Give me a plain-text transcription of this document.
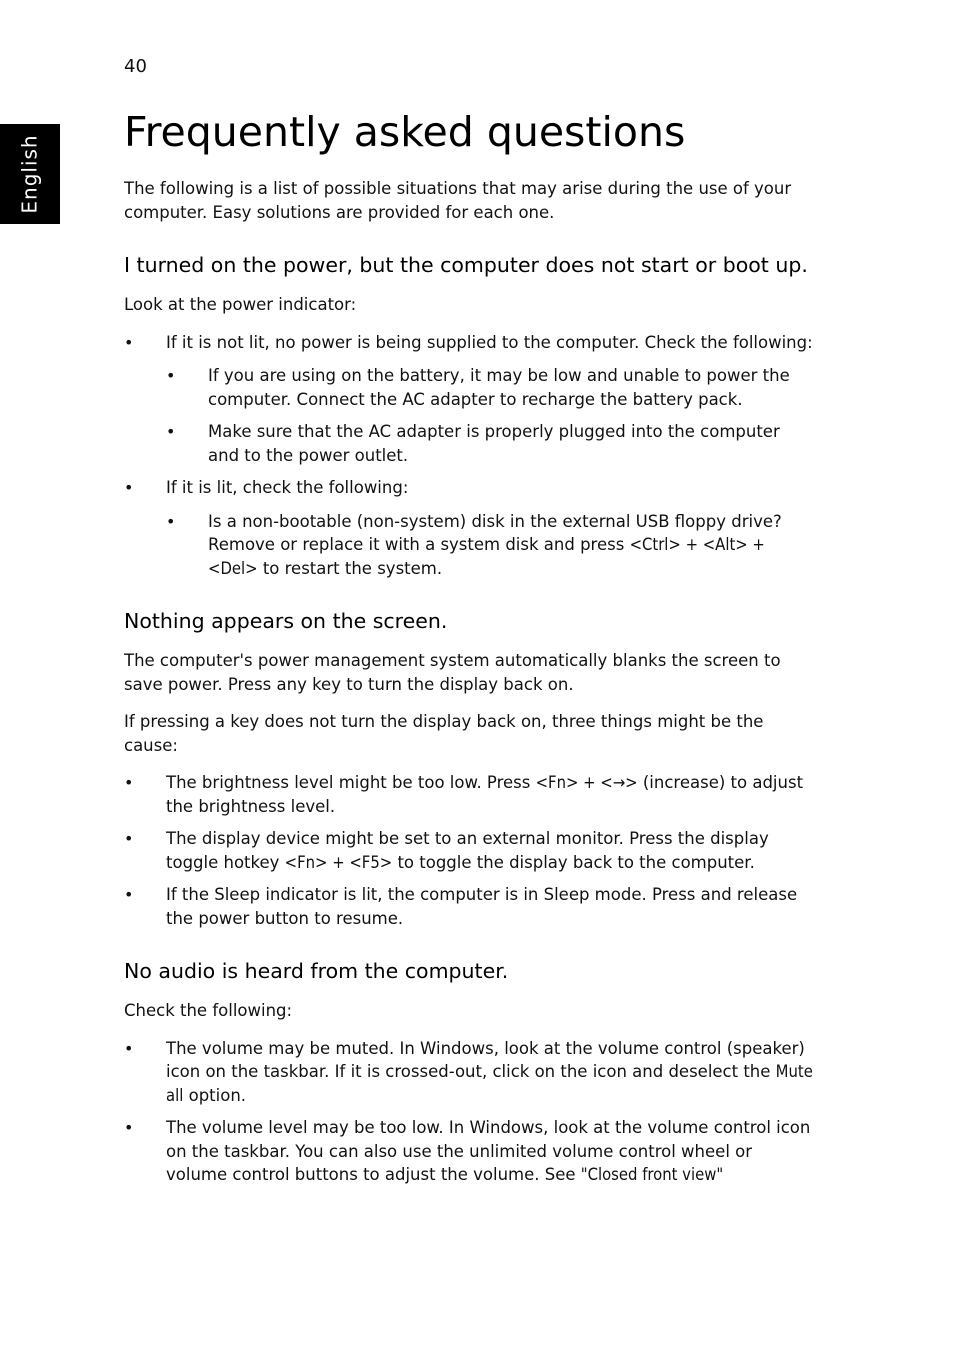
40
English
Frequently asked questions

The following is a list of possible situations that may arise during the use of your computer. Easy solutions are provided for each one.

I turned on the power, but the computer does not start or boot up.

Look at the power indicator:

• If it is not lit, no power is being supplied to the computer. Check the following:
• If you are using on the battery, it may be low and unable to power the computer. Connect the AC adapter to recharge the battery pack.
• Make sure that the AC adapter is properly plugged into the computer and to the power outlet.
• If it is lit, check the following:
• Is a non-bootable (non-system) disk in the external USB floppy drive? Remove or replace it with a system disk and press <Ctrl> + <Alt> + <Del> to restart the system.
Nothing appears on the screen.

The computer's power management system automatically blanks the screen to save power. Press any key to turn the display back on.

If pressing a key does not turn the display back on, three things might be the cause:

• The brightness level might be too low. Press <Fn> + <→> (increase) to adjust the brightness level.
• The display device might be set to an external monitor. Press the display toggle hotkey <Fn> + <F5> to toggle the display back to the computer.
• If the Sleep indicator is lit, the computer is in Sleep mode. Press and release the power button to resume.
No audio is heard from the computer.

Check the following:

• The volume may be muted. In Windows, look at the volume control (speaker) icon on the taskbar. If it is crossed-out, click on the icon and deselect the Mute all option.
• The volume level may be too low. In Windows, look at the volume control icon on the taskbar. You can also use the unlimited volume control wheel or volume control buttons to adjust the volume. See "Closed front view"
